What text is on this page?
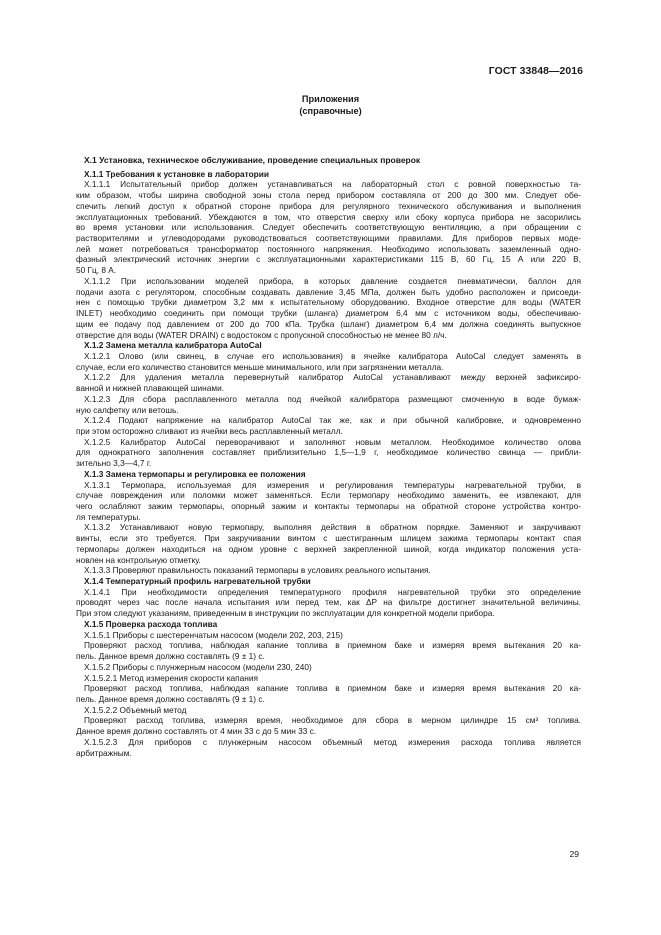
ГОСТ 33848—2016
Приложения
(справочные)
X.1 Установка, техническое обслуживание, проведение специальных проверок
X.1.1 Требования к установке в лаборатории
X.1.1.1 Испытательный прибор должен устанавливаться на лабораторный стол с ровной поверхностью та-
ким образом, чтобы ширина свободной зоны стола перед прибором составляла от 200 до 300 мм. Следует обе-
спечить легкий доступ к обратной стороне прибора для регулярного технического обслуживания и выполнения
эксплуатационных требований. Убеждаются в том, что отверстия сверху или сбоку корпуса прибора не засорились
во время установки или использования. Следует обеспечить соответствующую вентиляцию, а при обращении с
растворителями и углеводородами руководствоваться соответствующими правилами. Для приборов первых моде-
лей может потребоваться трансформатор постоянного напряжения. Необходимо использовать заземленный одно-
фазный электрический источник энергии с эксплуатационными характеристиками 115 В, 60 Гц, 15 А или 220 В,
50 Гц, 8 А.
X.1.1.2 При использовании моделей прибора, в которых давление создается пневматически, баллон для
подачи азота с регулятором, способным создавать давление 3,45 МПа, должен быть удобно расположен и присоеди-
нен с помощью трубки диаметром 3,2 мм к испытательному оборудованию. Входное отверстие для воды (WATER
INLET) необходимо соединить при помощи трубки (шланга) диаметром 6,4 мм с источником воды, обеспечиваю-
щим ее подачу под давлением от 200 до 700 кПа. Трубка (шланг) диаметром 6,4 мм должна соединять выпускное
отверстие для воды (WATER DRAIN) с водостоком с пропускной способностью не менее 80 л/ч.
X.1.2 Замена металла калибратора AutoCal
X.1.2.1 Олово (или свинец, в случае его использования) в ячейке калибратора AutoCal следует заменять в
случае, если его количество становится меньше минимального, или при загрязнении металла.
X.1.2.2 Для удаления металла перевернутый калибратор AutoCal устанавливают между верхней зафиксиро-
ванной и нижней плавающей шинами.
X.1.2.3 Для сбора расплавленного металла под ячейкой калибратора размещают смоченную в воде бумаж-
ную салфетку или ветошь.
X.1.2.4 Подают напряжение на калибратор AutoCal так же, как и при обычной калибровке, и одновременно
при этом осторожно сливают из ячейки весь расплавленный металл.
X.1.2.5 Калибратор AutoCal переворачивают и заполняют новым металлом. Необходимое количество олова
для однократного заполнения составляет приблизительно 1,5—1,9 г, необходимое количество свинца — прибли-
зительно 3,3—4,7 г.
X.1.3 Замена термопары и регулировка ее положения
X.1.3.1 Термопара, используемая для измерения и регулирования температуры нагревательной трубки, в
случае повреждения или поломки может заменяться. Если термопару необходимо заменить, ее извлекают, для
чего ослабляют зажим термопары, опорный зажим и контакты термопары на обратной стороне устройства контро-
ля температуры.
X.1.3.2 Устанавливают новую термопару, выполняя действия в обратном порядке. Заменяют и закручивают
винты, если это требуется. При закручивании винтом с шестигранным шлицем зажима термопары контакт спая
термопары должен находиться на одном уровне с верхней закрепленной шиной, когда индикатор положения уста-
новлен на контрольную отметку.
X.1.3.3 Проверяют правильность показаний термопары в условиях реального испытания.
X.1.4 Температурный профиль нагревательной трубки
X.1.4.1 При необходимости определения температурного профиля нагревательной трубки это определение
проводят через час после начала испытания или перед тем, как ΔP на фильтре достигнет значительной величины.
При этом следуют указаниям, приведенным в инструкции по эксплуатации для конкретной модели прибора.
X.1.5 Проверка расхода топлива
X.1.5.1 Приборы с шестеренчатым насосом (модели 202, 203, 215)
Проверяют расход топлива, наблюдая капание топлива в приемном баке и измеряя время вытекания 20 ка-
пель. Данное время должно составлять (9 ± 1) с.
X.1.5.2 Приборы с плунжерным насосом (модели 230, 240)
X.1.5.2.1 Метод измерения скорости капания
Проверяют расход топлива, наблюдая капание топлива в приемном баке и измеряя время вытекания 20 ка-
пель. Данное время должно составлять (9 ± 1) с.
X.1.5.2.2 Объемный метод
Проверяют расход топлива, измеряя время, необходимое для сбора в мерном цилиндре 15 см³ топлива.
Данное время должно составлять от 4 мин 33 с до 5 мин 33 с.
X.1.5.2.3 Для приборов с плунжерным насосом объемный метод измерения расхода топлива является
арбитражным.
29
